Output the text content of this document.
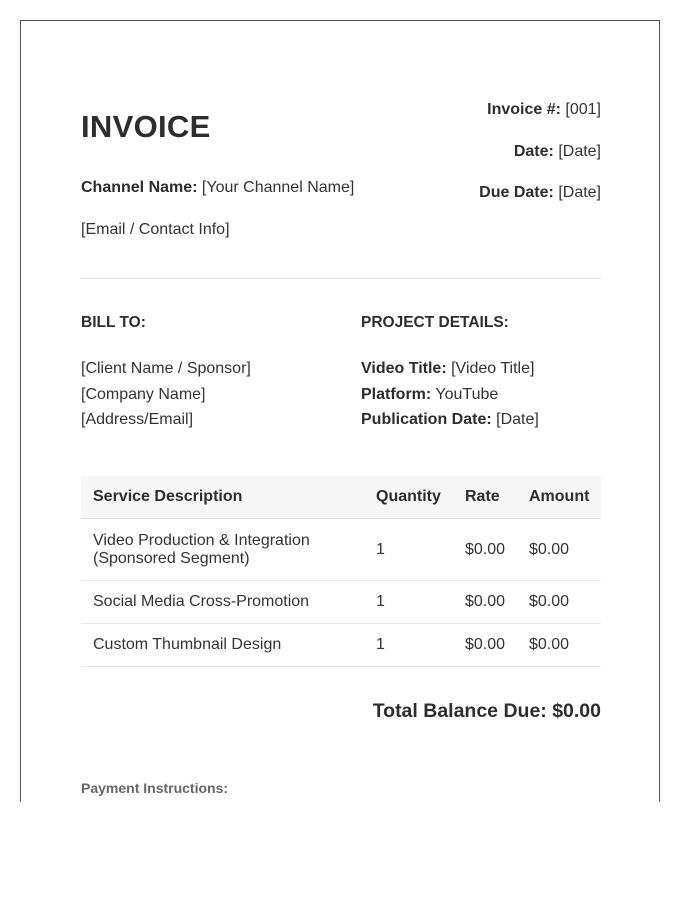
INVOICE
Channel Name: [Your Channel Name]
[Email / Contact Info]
Invoice #: [001]
Date: [Date]
Due Date: [Date]
BILL TO:	PROJECT DETAILS:
[Client Name / Sponsor]
[Company Name]
[Address/Email]
Video Title: [Video Title]
Platform: YouTube
Publication Date: [Date]
Service Description	Quantity	Rate	Amount

Video Production & Integration
(Sponsored Segment)	1	$0.00	$0.00
Social Media Cross-Promotion	1	$0.00	$0.00
Custom Thumbnail Design	1	$0.00	$0.00
Total Balance Due: $0.00
Payment Instructions:
